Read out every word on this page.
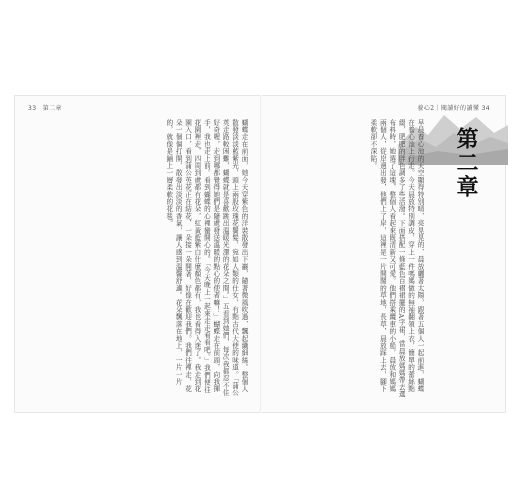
33 第二章
蝴蝶走在前面，她今天穿紫色的洋裝散發出下巖，隨著微風吹過，飄起纖細絲。整個人散發淡淡藍紫光，頭上兩股玫瑰花鬢髮，宛如人類的仕女，有點古代大使的味道。「蒲公英走路較困難，蝴蝶就是喜歡跳出溫暖光澤的花朵之間。」五看到她們，每次我都忍不住好奇喔，走到哪都覺得她們是隨處發送溫暖的點心的使者嘛！」蝴蝶走在前頭，向我揮手，我也走上前。看到蝴蝶的心裡蠻開心的。「今天晚上一起來走走看看吧。」我們便往花園裡走，四周到處都有花朵，紅黃藍紫白什麼顏色都有，我也看得入迷了。我走到花園入口，看到蒲公英花正在結花，一朵接一朵開著，好像在歡迎我們。我們往裡走，花朵一個個打開，散發出淡淡的香氣，讓人感到溫馨舒適。花朵飄落在地上，一片一片的，就像是鋪上一層柔軟的花毯。
養心2｜閱讀好的讀懂 34
第二章
早晨養心池的天空顯得特別晴，亮晃晃的，晨放曬著太陽，跟著五個人一起前進，蝴蝶在養心池上行走。今天晨放特別調皮，穿上一件嗎媽做的無袖翻領上衣，簡單的蕾絲點綴，肥肥的胖色調多了些活潑。下面搭配一條藍色百褶裙擺的A字裙，當晨放媽媽帶去選布料時，她選了這塊，整個人看起來既清新又可愛。他們搭乘纜車的小船，晨放和媽媽兩個人，從岸邊出發，他們上了岸，這裡是一片開闊的草地，長草，晨放踩上去，腳下柔軟卻不深陷。
